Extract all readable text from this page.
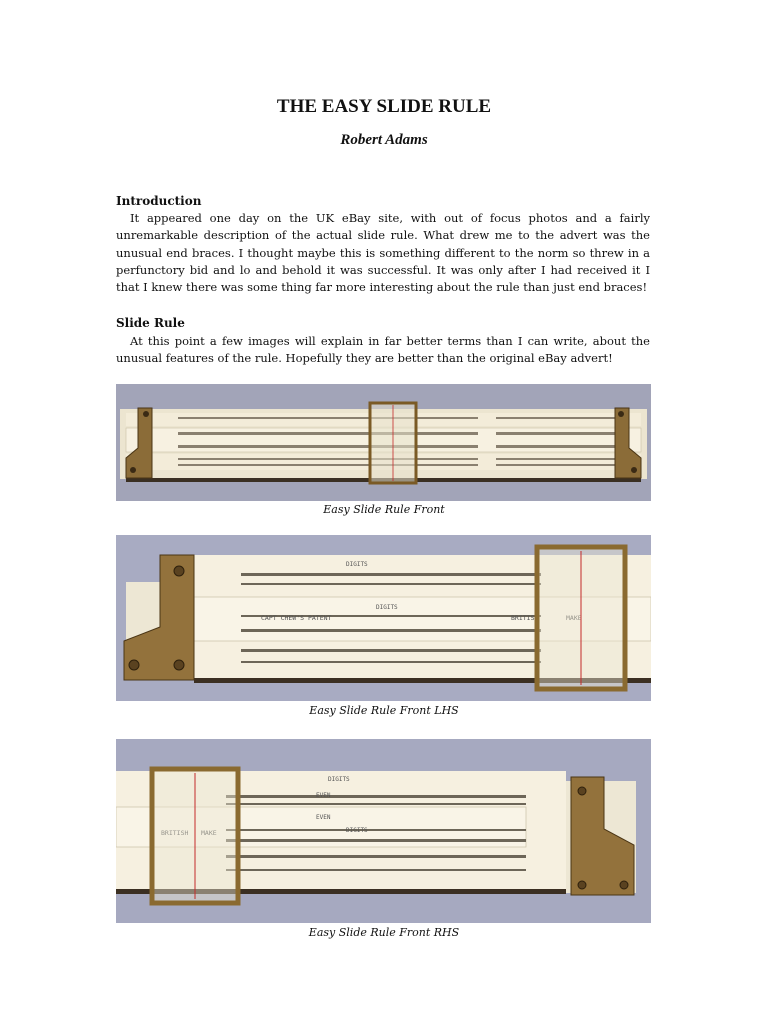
THE EASY SLIDE RULE
Robert Adams
Introduction
It appeared one day on the UK eBay site, with out of focus photos and a fairly unremarkable description of the actual slide rule. What drew me to the advert was the unusual end braces. I thought maybe this is something different to the norm so threw in a perfunctory bid and lo and behold it was successful. It was only after I had received it I that I knew there was some thing far more interesting about the rule than just end braces!
Slide Rule
At this point a few images will explain in far better terms than I can write, about the unusual features of the rule. Hopefully they are better than the original eBay advert!
Easy Slide Rule Front
CAPT CHEW'S PATENT
DIGITS
DIGITS
BRITISH	MAKE
Easy Slide Rule Front LHS
DIGITS
EVEN
EVEN
DIGITS
BRITISH MAKE
Easy Slide Rule Front RHS
